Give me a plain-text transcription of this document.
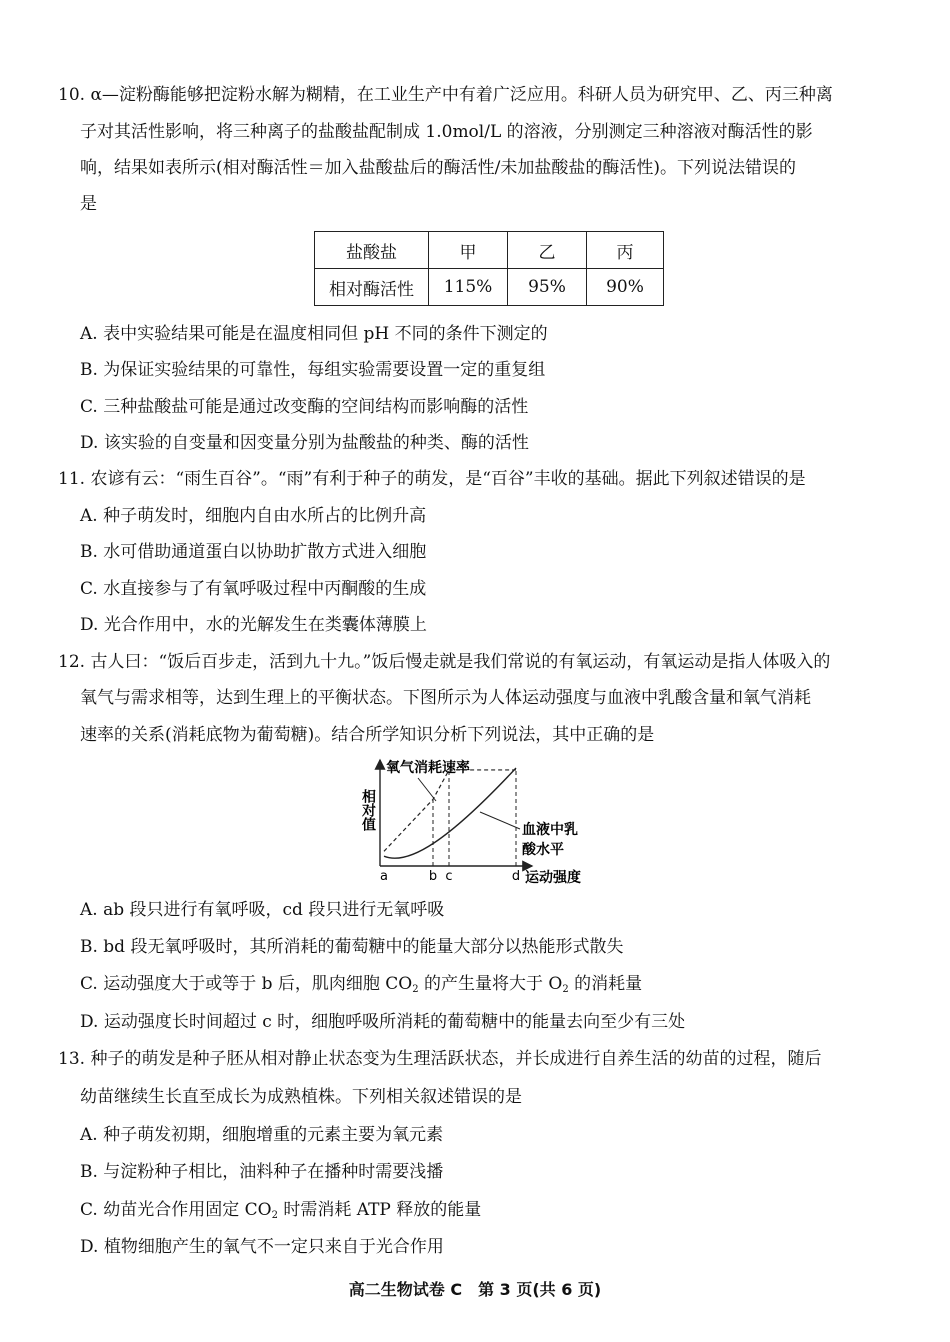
10. α—淀粉酶能够把淀粉水解为糊精，在工业生产中有着广泛应用。科研人员为研究甲、乙、丙三种离
子对其活性影响，将三种离子的盐酸盐配制成 1.0mol/L 的溶液，分别测定三种溶液对酶活性的影
响，结果如表所示(相对酶活性＝加入盐酸盐后的酶活性/未加盐酸盐的酶活性)。下列说法错误的
是
盐酸盐	甲	乙	丙
相对酶活性	115%	95%	90%
A. 表中实验结果可能是在温度相同但 pH 不同的条件下测定的
B. 为保证实验结果的可靠性，每组实验需要设置一定的重复组
C. 三种盐酸盐可能是通过改变酶的空间结构而影响酶的活性
D. 该实验的自变量和因变量分别为盐酸盐的种类、酶的活性
11. 农谚有云：“雨生百谷”。“雨”有利于种子的萌发，是“百谷”丰收的基础。据此下列叙述错误的是
A. 种子萌发时，细胞内自由水所占的比例升高
B. 水可借助通道蛋白以协助扩散方式进入细胞
C. 水直接参与了有氧呼吸过程中丙酮酸的生成
D. 光合作用中，水的光解发生在类囊体薄膜上
12. 古人曰：“饭后百步走，活到九十九。”饭后慢走就是我们常说的有氧运动，有氧运动是指人体吸入的
氧气与需求相等，达到生理上的平衡状态。下图所示为人体运动强度与血液中乳酸含量和氧气消耗
速率的关系(消耗底物为葡萄糖)。结合所学知识分析下列说法，其中正确的是
相对值
a	b c	d
氧气消耗速率
血液中乳
酸水平
运动强度
A. ab 段只进行有氧呼吸，cd 段只进行无氧呼吸
B. bd 段无氧呼吸时，其所消耗的葡萄糖中的能量大部分以热能形式散失
C. 运动强度大于或等于 b 后，肌肉细胞 $CO_2$ 的产生量将大于 $O_2$ 的消耗量
D. 运动强度长时间超过 c 时，细胞呼吸所消耗的葡萄糖中的能量去向至少有三处
13. 种子的萌发是种子胚从相对静止状态变为生理活跃状态，并长成进行自养生活的幼苗的过程，随后
幼苗继续生长直至成长为成熟植株。下列相关叙述错误的是
A. 种子萌发初期，细胞增重的元素主要为氧元素
B. 与淀粉种子相比，油料种子在播种时需要浅播
C. 幼苗光合作用固定 $CO_2$ 时需消耗 ATP 释放的能量
D. 植物细胞产生的氧气不一定只来自于光合作用
高二生物试卷 C　第 3 页(共 6 页)
